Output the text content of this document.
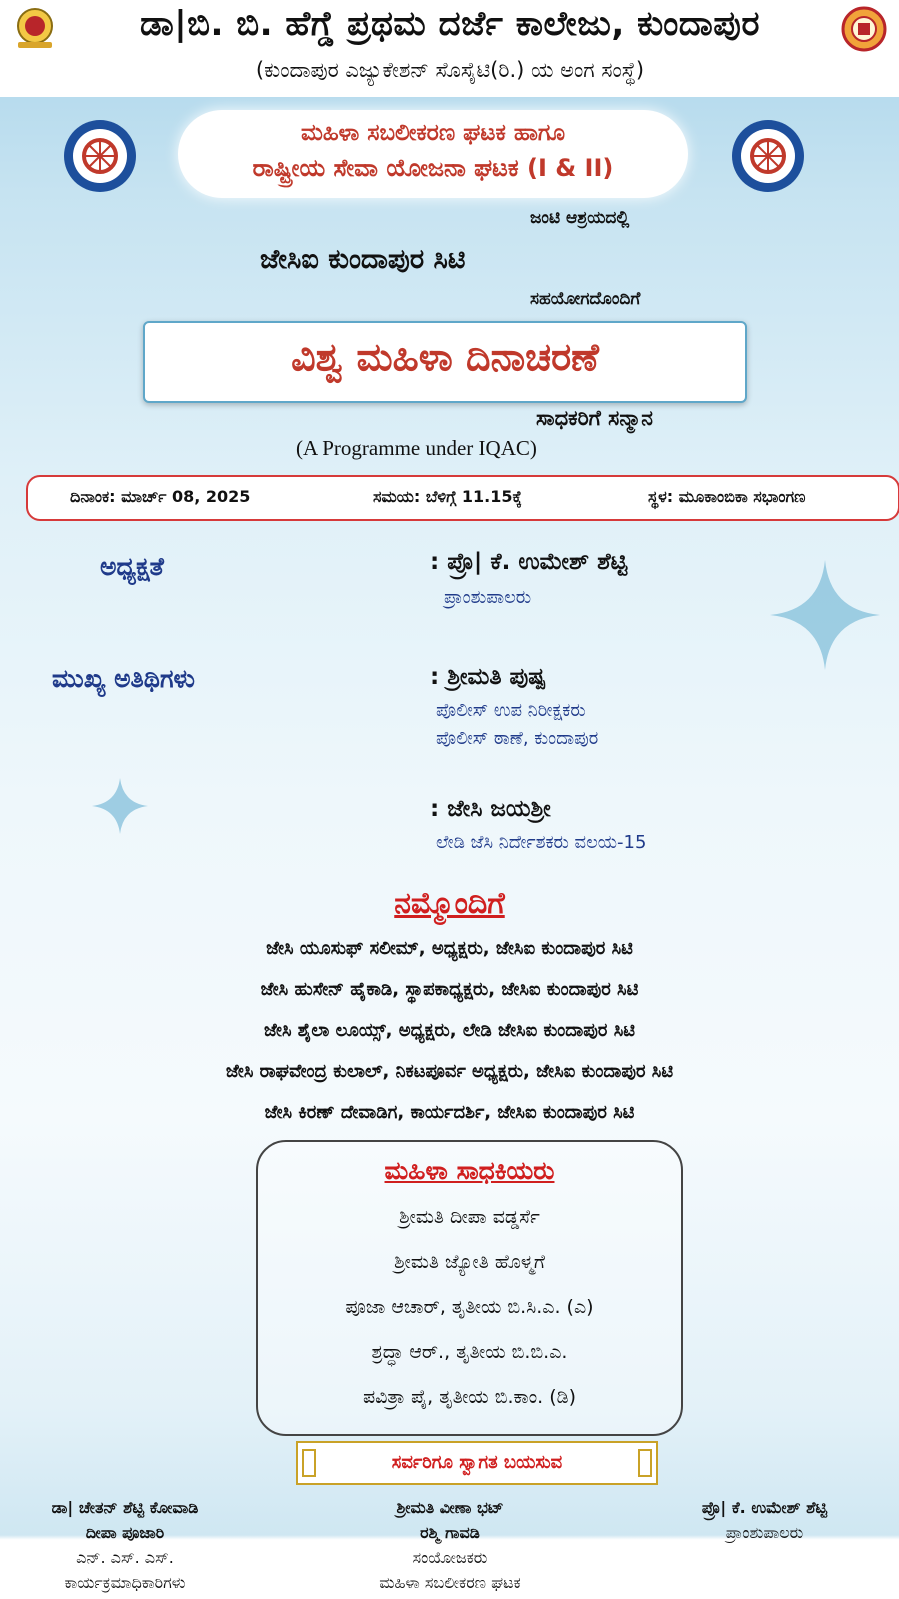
ಡಾ|ಬಿ. ಬಿ. ಹೆಗ್ಡೆ ಪ್ರಥಮ ದರ್ಜೆ ಕಾಲೇಜು, ಕುಂದಾಪುರ
(ಕುಂದಾಪುರ ಎಜ್ಯುಕೇಶನ್ ಸೊಸೈಟಿ(ರಿ.) ಯ ಅಂಗ ಸಂಸ್ಥೆ)
ಮಹಿಳಾ ಸಬಲೀಕರಣ ಘಟಕ ಹಾಗೂ
ರಾಷ್ಟ್ರೀಯ ಸೇವಾ ಯೋಜನಾ ಘಟಕ (I & II)
ಜಂಟಿ ಆಶ್ರಯದಲ್ಲಿ
ಜೇಸಿಐ ಕುಂದಾಪುರ ಸಿಟಿ
ಸಹಯೋಗದೊಂದಿಗೆ
ವಿಶ್ವ ಮಹಿಳಾ ದಿನಾಚರಣೆ
ಸಾಧಕರಿಗೆ ಸನ್ಮಾನ
(A Programme under IQAC)
ದಿನಾಂಕ: ಮಾರ್ಚ್ 08, 2025	ಸಮಯ: ಬೆಳಿಗ್ಗೆ 11.15ಕ್ಕೆ	ಸ್ಥಳ: ಮೂಕಾಂಬಿಕಾ ಸಭಾಂಗಣ
ಅಧ್ಯಕ್ಷತೆ	: ಪ್ರೊ| ಕೆ. ಉಮೇಶ್ ಶೆಟ್ಟಿ
ಪ್ರಾಂಶುಪಾಲರು
ಮುಖ್ಯ ಅತಿಥಿಗಳು	: ಶ್ರೀಮತಿ ಪುಷ್ಪ
ಪೊಲೀಸ್ ಉಪ ನಿರೀಕ್ಷಕರು
ಪೊಲೀಸ್ ಠಾಣೆ, ಕುಂದಾಪುರ
: ಜೇಸಿ ಜಯಶ್ರೀ
ಲೇಡಿ ಜೆಸಿ ನಿರ್ದೇಶಕರು ವಲಯ-15
ನಮ್ಮೊಂದಿಗೆ
ಜೇಸಿ ಯೂಸುಫ್ ಸಲೀಮ್, ಅಧ್ಯಕ್ಷರು, ಜೇಸಿಐ ಕುಂದಾಪುರ ಸಿಟಿ
ಜೇಸಿ ಹುಸೇನ್ ಹೈಕಾಡಿ, ಸ್ಥಾಪಕಾಧ್ಯಕ್ಷರು, ಜೇಸಿಐ ಕುಂದಾಪುರ ಸಿಟಿ
ಜೇಸಿ ಶೈಲಾ ಲೂಯ್ಸ್, ಅಧ್ಯಕ್ಷರು, ಲೇಡಿ ಜೇಸಿಐ ಕುಂದಾಪುರ ಸಿಟಿ
ಜೇಸಿ ರಾಘವೇಂದ್ರ ಕುಲಾಲ್, ನಿಕಟಪೂರ್ವ ಅಧ್ಯಕ್ಷರು, ಜೇಸಿಐ ಕುಂದಾಪುರ ಸಿಟಿ
ಜೇಸಿ ಕಿರಣ್ ದೇವಾಡಿಗ, ಕಾರ್ಯದರ್ಶಿ, ಜೇಸಿಐ ಕುಂದಾಪುರ ಸಿಟಿ
ಮಹಿಳಾ ಸಾಧಕಿಯರು
ಶ್ರೀಮತಿ ದೀಪಾ ವಡ್ಡರ್ಸೆ
ಶ್ರೀಮತಿ ಜ್ಯೋತಿ ಹೊಳ್ಮಗೆ
ಪೂಜಾ ಆಚಾರ್, ತೃತೀಯ ಬಿ.ಸಿ.ಎ. (ಎ)
ಶ್ರದ್ಧಾ ಆರ್., ತೃತೀಯ ಬಿ.ಬಿ.ಎ.
ಪವಿತ್ರಾ ಪೈ, ತೃತೀಯ ಬಿ.ಕಾಂ. (ಡಿ)
ಸರ್ವರಿಗೂ ಸ್ವಾಗತ ಬಯಸುವ
ಡಾ| ಚೇತನ್ ಶೆಟ್ಟಿ ಕೋವಾಡಿ
ದೀಪಾ ಪೂಜಾರಿ
ಎನ್. ಎಸ್. ಎಸ್.
ಕಾರ್ಯಕ್ರಮಾಧಿಕಾರಿಗಳು
ಶ್ರೀಮತಿ ವೀಣಾ ಭಟ್
ರಶ್ಮಿ ಗಾವಡಿ
ಸಂಯೋಜಕರು
ಮಹಿಳಾ ಸಬಲೀಕರಣ ಘಟಕ
ಪ್ರೊ| ಕೆ. ಉಮೇಶ್ ಶೆಟ್ಟಿ
ಪ್ರಾಂಶುಪಾಲರು
